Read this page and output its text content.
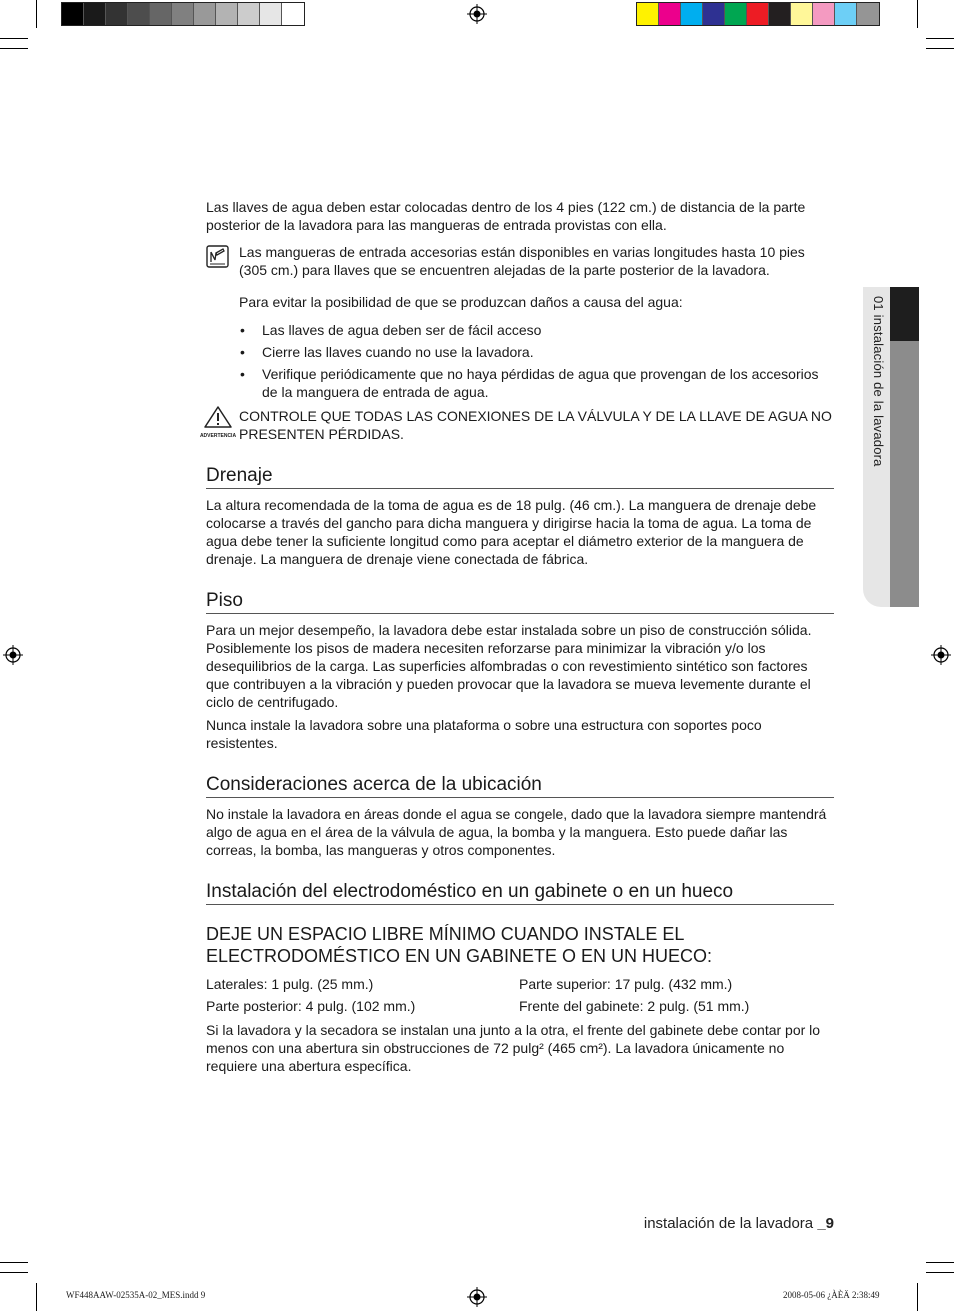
01 instalación de la lavadora

Las llaves de agua deben estar colocadas dentro de los 4 pies (122 cm.) de distancia de la parte posterior de la lavadora para las mangueras de entrada provistas con ella.

Las mangueras de entrada accesorias están disponibles en varias longitudes hasta 10 pies (305 cm.) para llaves que se encuentren alejadas de la parte posterior de la lavadora.

Para evitar la posibilidad de que se produzcan daños a causa del agua:

• Las llaves de agua deben ser de fácil acceso
• Cierre las llaves cuando no use la lavadora.
• Verifique periódicamente que no haya pérdidas de agua que provengan de los accesorios de la manguera de entrada de agua.
ADVERTENCIA

CONTROLE QUE TODAS LAS CONEXIONES DE LA VÁLVULA Y DE LA LLAVE DE AGUA NO PRESENTEN PÉRDIDAS.

Drenaje

La altura recomendada de la toma de agua es de 18 pulg. (46 cm.). La manguera de drenaje debe colocarse a través del gancho para dicha manguera y dirigirse hacia la toma de agua. La toma de agua debe tener la suficiente longitud como para aceptar el diámetro exterior de la manguera de drenaje. La manguera de drenaje viene conectada de fábrica.

Piso

Para un mejor desempeño, la lavadora debe estar instalada sobre un piso de construcción sólida. Posiblemente los pisos de madera necesiten reforzarse para minimizar la vibración y/o los desequilibrios de la carga. Las superficies alfombradas o con revestimiento sintético son factores que contribuyen a la vibración y pueden provocar que la lavadora se mueva levemente durante el ciclo de centrifugado.

Nunca instale la lavadora sobre una plataforma o sobre una estructura con soportes poco resistentes.

Consideraciones acerca de la ubicación

No instale la lavadora en áreas donde el agua se congele, dado que la lavadora siempre mantendrá algo de agua en el área de la válvula de agua, la bomba y la manguera. Esto puede dañar las correas, la bomba, las mangueras y otros componentes.

Instalación del electrodoméstico en un gabinete o en un hueco

DEJE UN ESPACIO LIBRE MÍNIMO CUANDO INSTALE EL ELECTRODOMÉSTICO EN UN GABINETE O EN UN HUECO:

Laterales: 1 pulg. (25 mm.)	Parte superior: 17 pulg. (432 mm.)
Parte posterior: 4 pulg. (102 mm.)	Frente del gabinete: 2 pulg. (51 mm.)

Si la lavadora y la secadora se instalan una junto a la otra, el frente del gabinete debe contar por lo menos con una abertura sin obstrucciones de 72 pulg² (465 cm²). La lavadora únicamente no requiere una abertura específica.

instalación de la lavadora _9
WF448AAW-02535A-02_MES.indd 9	2008-05-06 ¿ÀÈÄ 2:38:49
